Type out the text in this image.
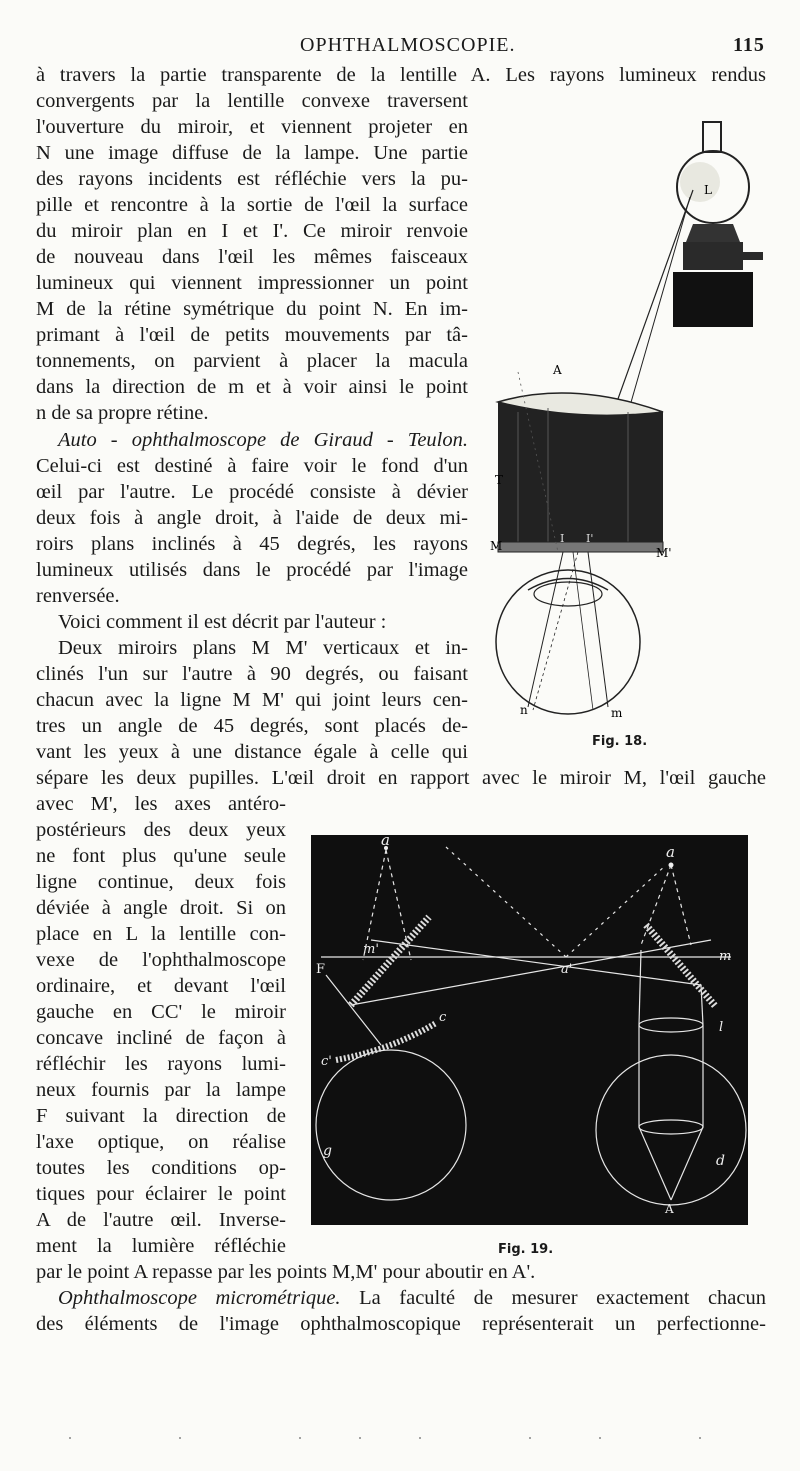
OPHTHALMOSCOPIE.	115
à travers la partie transparente de la lentille A. Les rayons lumineux rendus
convergents par la lentille convexe traversent
l'ouverture du miroir, et viennent projeter en
N une image diffuse de la lampe. Une partie
des rayons incidents est réfléchie vers la pu-
pille et rencontre à la sortie de l'œil la surface
du miroir plan en I et I'. Ce miroir renvoie
de nouveau dans l'œil les mêmes faisceaux
lumineux qui viennent impressionner un point
M de la rétine symétrique du point N. En im-
primant à l'œil de petits mouvements par tâ-
tonnements, on parvient à placer la macula
dans la direction de m et à voir ainsi le point
n de sa propre rétine.
Auto - ophthalmoscope de Giraud - Teulon.
Celui-ci est destiné à faire voir le fond d'un
œil par l'autre. Le procédé consiste à dévier
deux fois à angle droit, à l'aide de deux mi-
roirs plans inclinés à 45 degrés, les rayons
lumineux utilisés dans le procédé par l'image
renversée.
Voici comment il est décrit par l'auteur :
Deux miroirs plans M M' verticaux et in-
clinés l'un sur l'autre à 90 degrés, ou faisant
chacun avec la ligne M M' qui joint leurs cen-
tres un angle de 45 degrés, sont placés de-
vant les yeux à une distance égale à celle qui
sépare les deux pupilles. L'œil droit en rapport avec le miroir M, l'œil gauche
avec M', les axes antéro-
postérieurs des deux yeux
ne font plus qu'une seule
ligne continue, deux fois
déviée à angle droit. Si on
place en L la lentille con-
vexe de l'ophthalmoscope
ordinaire, et devant l'œil
gauche en CC' le miroir
concave incliné de façon à
réfléchir les rayons lumi-
neux fournis par la lampe
F suivant la direction de
l'axe optique, on réalise
toutes les conditions op-
tiques pour éclairer le point
A de l'autre œil. Inverse-
ment la lumière réfléchie
par le point A repasse par les points M,M' pour aboutir en A'.
Ophthalmoscope micrométrique. La faculté de mesurer exactement chacun
des éléments de l'image ophthalmoscopique représenterait un perfectionne-
L
A
T
M	M'
I I'
n	m
Fig. 18.
a
a
m'	m
a'
F
c
c'
l
g
d
A
Fig. 19.
